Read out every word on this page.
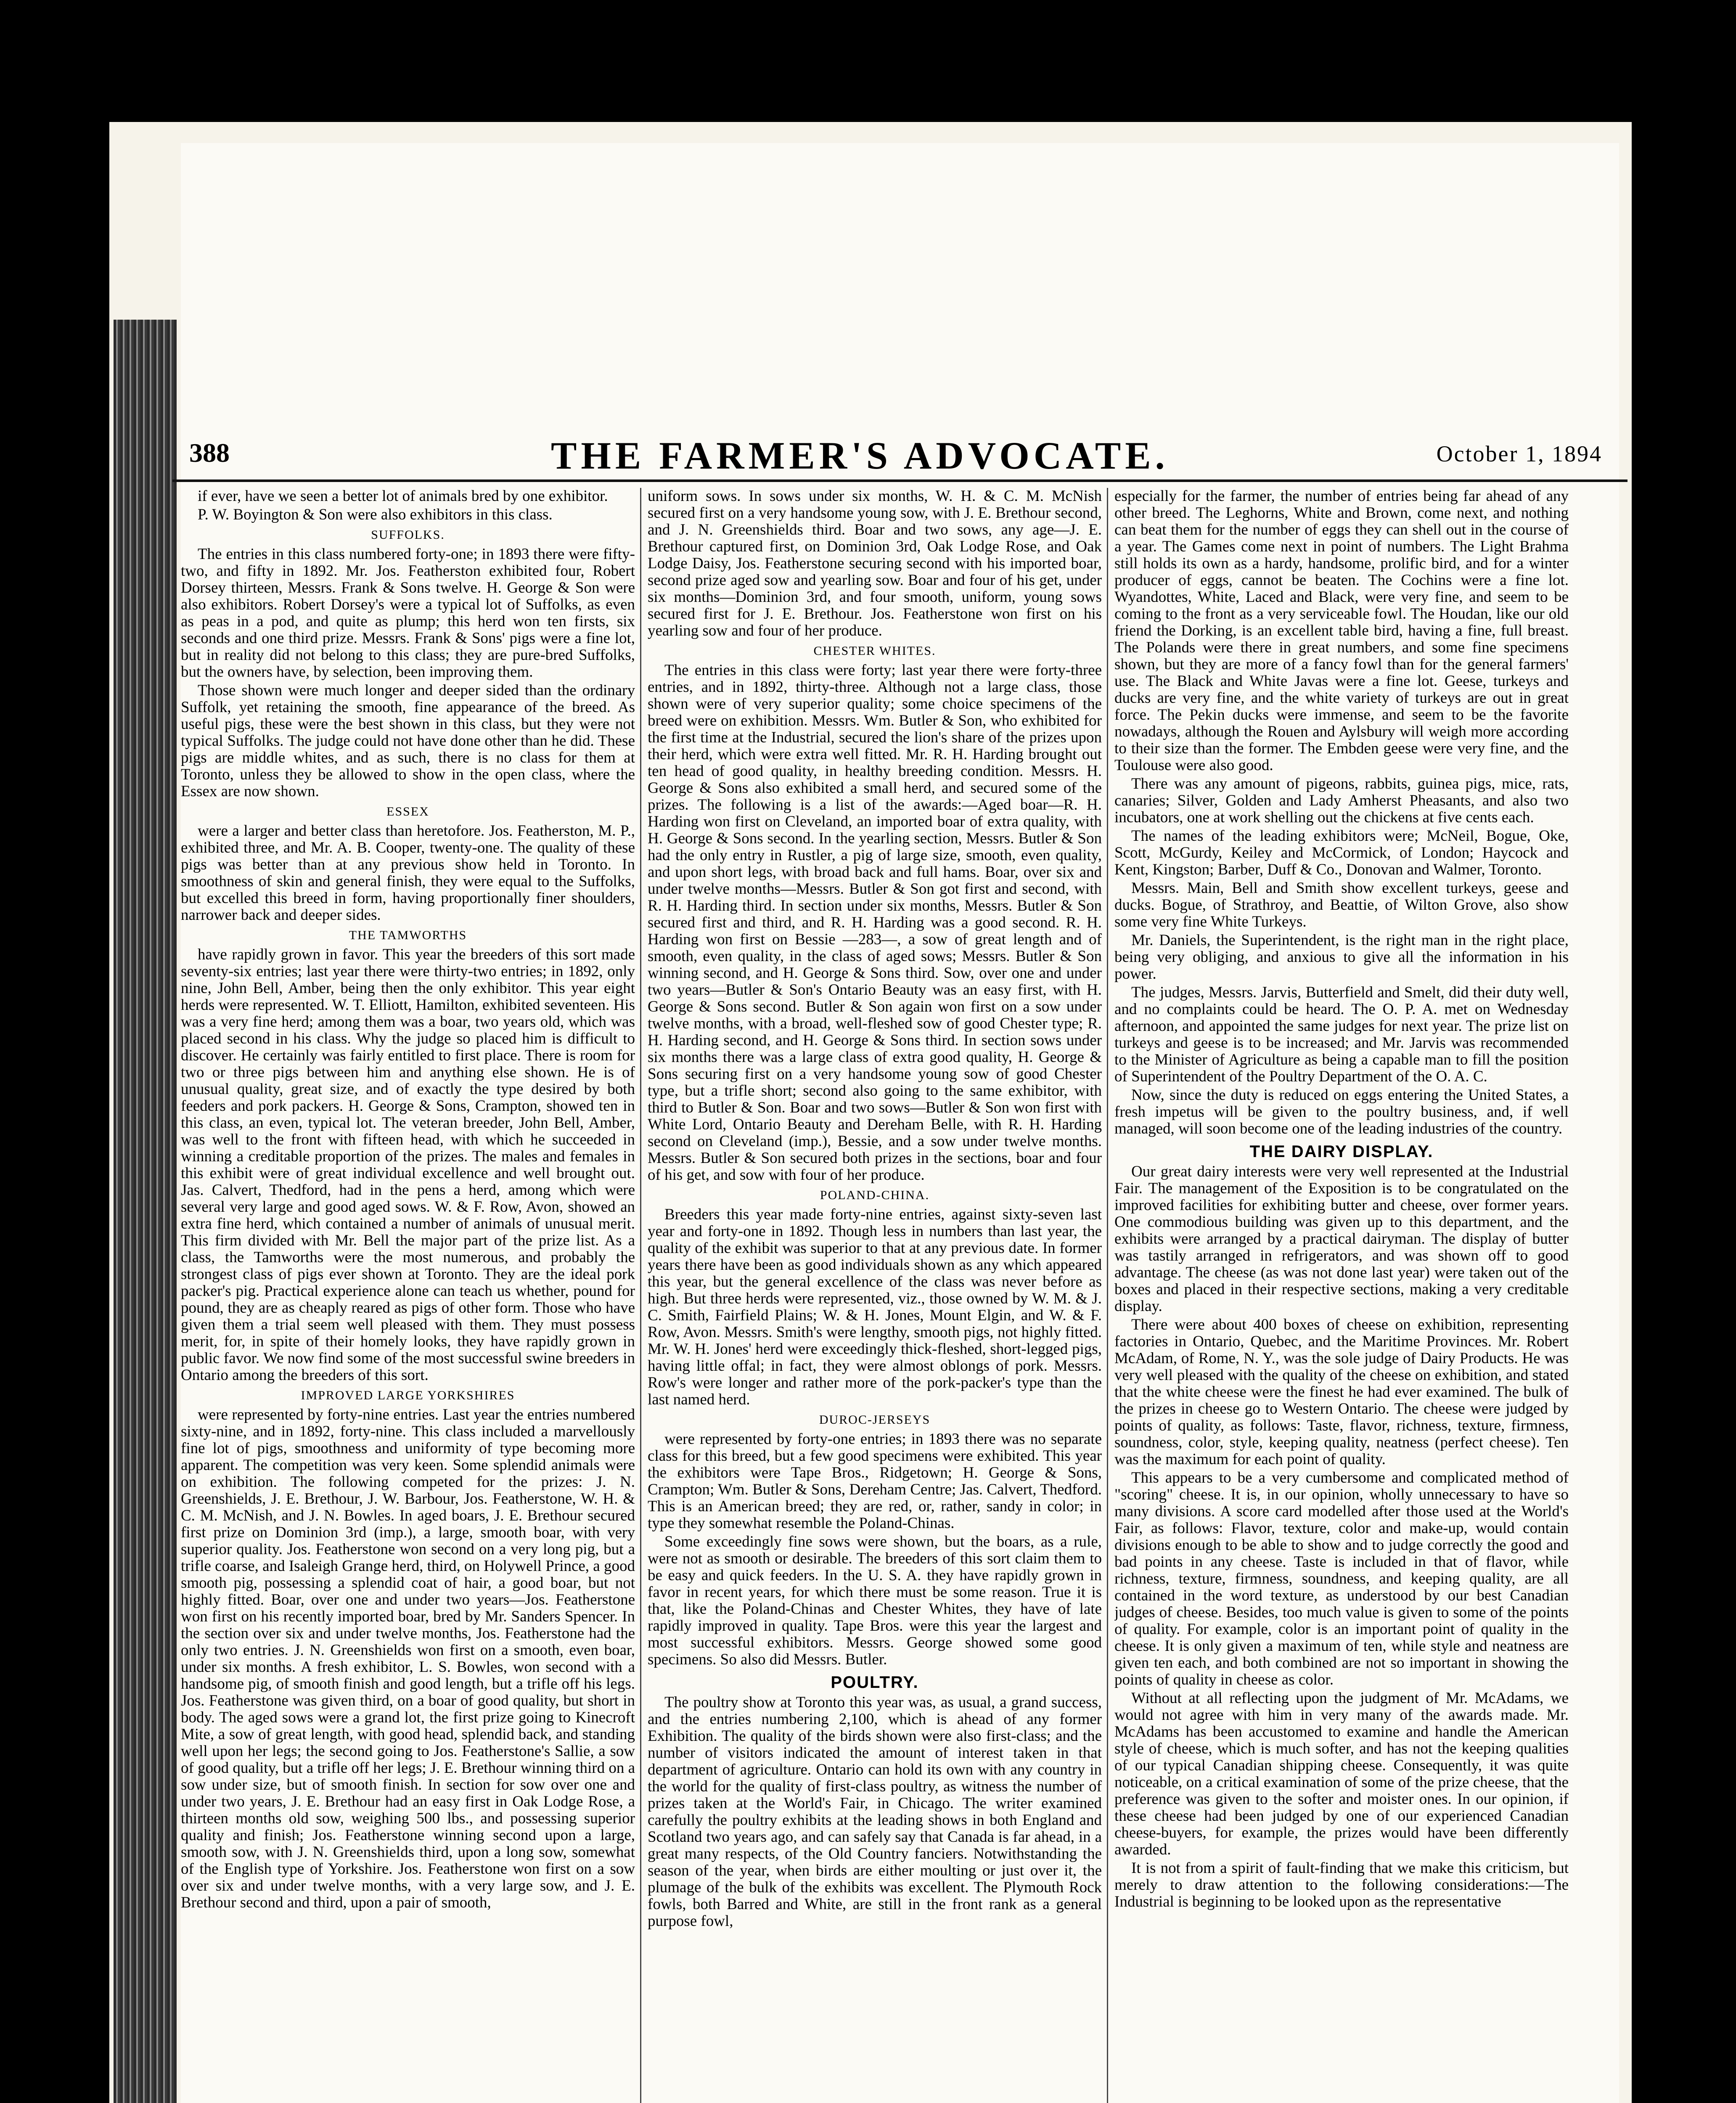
388	THE FARMER'S ADVOCATE.	October 1, 1894

if ever, have we seen a better lot of animals bred by one exhibitor.

P. W. Boyington & Son were also exhibitors in this class.

SUFFOLKS.

The entries in this class numbered forty-one; in 1893 there were fifty-two, and fifty in 1892. Mr. Jos. Featherston exhibited four, Robert Dorsey thirteen, Messrs. Frank & Sons twelve. H. George & Son were also exhibitors. Robert Dorsey's were a typical lot of Suffolks, as even as peas in a pod, and quite as plump; this herd won ten firsts, six seconds and one third prize. Messrs. Frank & Sons' pigs were a fine lot, but in reality did not belong to this class; they are pure-bred Suffolks, but the owners have, by selection, been improving them.

Those shown were much longer and deeper sided than the ordinary Suffolk, yet retaining the smooth, fine appearance of the breed. As useful pigs, these were the best shown in this class, but they were not typical Suffolks. The judge could not have done other than he did. These pigs are middle whites, and as such, there is no class for them at Toronto, unless they be allowed to show in the open class, where the Essex are now shown.

ESSEX

were a larger and better class than heretofore. Jos. Featherston, M. P., exhibited three, and Mr. A. B. Cooper, twenty-one. The quality of these pigs was better than at any previous show held in Toronto. In smoothness of skin and general finish, they were equal to the Suffolks, but excelled this breed in form, having proportionally finer shoulders, narrower back and deeper sides.

THE TAMWORTHS

have rapidly grown in favor. This year the breeders of this sort made seventy-six entries; last year there were thirty-two entries; in 1892, only nine, John Bell, Amber, being then the only exhibitor. This year eight herds were represented. W. T. Elliott, Hamilton, exhibited seventeen. His was a very fine herd; among them was a boar, two years old, which was placed second in his class. Why the judge so placed him is difficult to discover. He certainly was fairly entitled to first place. There is room for two or three pigs between him and anything else shown. He is of unusual quality, great size, and of exactly the type desired by both feeders and pork packers. H. George & Sons, Crampton, showed ten in this class, an even, typical lot. The veteran breeder, John Bell, Amber, was well to the front with fifteen head, with which he succeeded in winning a creditable proportion of the prizes. The males and females in this exhibit were of great individual excellence and well brought out. Jas. Calvert, Thedford, had in the pens a herd, among which were several very large and good aged sows. W. & F. Row, Avon, showed an extra fine herd, which contained a number of animals of unusual merit. This firm divided with Mr. Bell the major part of the prize list. As a class, the Tamworths were the most numerous, and probably the strongest class of pigs ever shown at Toronto. They are the ideal pork packer's pig. Practical experience alone can teach us whether, pound for pound, they are as cheaply reared as pigs of other form. Those who have given them a trial seem well pleased with them. They must possess merit, for, in spite of their homely looks, they have rapidly grown in public favor. We now find some of the most successful swine breeders in Ontario among the breeders of this sort.

IMPROVED LARGE YORKSHIRES

were represented by forty-nine entries. Last year the entries numbered sixty-nine, and in 1892, forty-nine. This class included a marvellously fine lot of pigs, smoothness and uniformity of type becoming more apparent. The competition was very keen. Some splendid animals were on exhibition. The following competed for the prizes: J. N. Greenshields, J. E. Brethour, J. W. Barbour, Jos. Featherstone, W. H. & C. M. McNish, and J. N. Bowles. In aged boars, J. E. Brethour secured first prize on Dominion 3rd (imp.), a large, smooth boar, with very superior quality. Jos. Featherstone won second on a very long pig, but a trifle coarse, and Isaleigh Grange herd, third, on Holywell Prince, a good smooth pig, possessing a splendid coat of hair, a good boar, but not highly fitted. Boar, over one and under two years—Jos. Featherstone won first on his recently imported boar, bred by Mr. Sanders Spencer. In the section over six and under twelve months, Jos. Featherstone had the only two entries. J. N. Greenshields won first on a smooth, even boar, under six months. A fresh exhibitor, L. S. Bowles, won second with a handsome pig, of smooth finish and good length, but a trifle off his legs. Jos. Featherstone was given third, on a boar of good quality, but short in body. The aged sows were a grand lot, the first prize going to Kinecroft Mite, a sow of great length, with good head, splendid back, and standing well upon her legs; the second going to Jos. Featherstone's Sallie, a sow of good quality, but a trifle off her legs; J. E. Brethour winning third on a sow under size, but of smooth finish. In section for sow over one and under two years, J. E. Brethour had an easy first in Oak Lodge Rose, a thirteen months old sow, weighing 500 lbs., and possessing superior quality and finish; Jos. Featherstone winning second upon a large, smooth sow, with J. N. Greenshields third, upon a long sow, somewhat of the English type of Yorkshire. Jos. Featherstone won first on a sow over six and under twelve months, with a very large sow, and J. E. Brethour second and third, upon a pair of smooth,

uniform sows. In sows under six months, W. H. & C. M. McNish secured first on a very handsome young sow, with J. E. Brethour second, and J. N. Greenshields third. Boar and two sows, any age—J. E. Brethour captured first, on Dominion 3rd, Oak Lodge Rose, and Oak Lodge Daisy, Jos. Featherstone securing second with his imported boar, second prize aged sow and yearling sow. Boar and four of his get, under six months—Dominion 3rd, and four smooth, uniform, young sows secured first for J. E. Brethour. Jos. Featherstone won first on his yearling sow and four of her produce.

CHESTER WHITES.

The entries in this class were forty; last year there were forty-three entries, and in 1892, thirty-three. Although not a large class, those shown were of very superior quality; some choice specimens of the breed were on exhibition. Messrs. Wm. Butler & Son, who exhibited for the first time at the Industrial, secured the lion's share of the prizes upon their herd, which were extra well fitted. Mr. R. H. Harding brought out ten head of good quality, in healthy breeding condition. Messrs. H. George & Sons also exhibited a small herd, and secured some of the prizes. The following is a list of the awards:—Aged boar—R. H. Harding won first on Cleveland, an imported boar of extra quality, with H. George & Sons second. In the yearling section, Messrs. Butler & Son had the only entry in Rustler, a pig of large size, smooth, even quality, and upon short legs, with broad back and full hams. Boar, over six and under twelve months—Messrs. Butler & Son got first and second, with R. H. Harding third. In section under six months, Messrs. Butler & Son secured first and third, and R. H. Harding was a good second. R. H. Harding won first on Bessie —283—, a sow of great length and of smooth, even quality, in the class of aged sows; Messrs. Butler & Son winning second, and H. George & Sons third. Sow, over one and under two years—Butler & Son's Ontario Beauty was an easy first, with H. George & Sons second. Butler & Son again won first on a sow under twelve months, with a broad, well-fleshed sow of good Chester type; R. H. Harding second, and H. George & Sons third. In section sows under six months there was a large class of extra good quality, H. George & Sons securing first on a very handsome young sow of good Chester type, but a trifle short; second also going to the same exhibitor, with third to Butler & Son. Boar and two sows—Butler & Son won first with White Lord, Ontario Beauty and Dereham Belle, with R. H. Harding second on Cleveland (imp.), Bessie, and a sow under twelve months. Messrs. Butler & Son secured both prizes in the sections, boar and four of his get, and sow with four of her produce.

POLAND-CHINA.

Breeders this year made forty-nine entries, against sixty-seven last year and forty-one in 1892. Though less in numbers than last year, the quality of the exhibit was superior to that at any previous date. In former years there have been as good individuals shown as any which appeared this year, but the general excellence of the class was never before as high. But three herds were represented, viz., those owned by W. M. & J. C. Smith, Fairfield Plains; W. & H. Jones, Mount Elgin, and W. & F. Row, Avon. Messrs. Smith's were lengthy, smooth pigs, not highly fitted. Mr. W. H. Jones' herd were exceedingly thick-fleshed, short-legged pigs, having little offal; in fact, they were almost oblongs of pork. Messrs. Row's were longer and rather more of the pork-packer's type than the last named herd.

DUROC-JERSEYS

were represented by forty-one entries; in 1893 there was no separate class for this breed, but a few good specimens were exhibited. This year the exhibitors were Tape Bros., Ridgetown; H. George & Sons, Crampton; Wm. Butler & Sons, Dereham Centre; Jas. Calvert, Thedford. This is an American breed; they are red, or, rather, sandy in color; in type they somewhat resemble the Poland-Chinas.

Some exceedingly fine sows were shown, but the boars, as a rule, were not as smooth or desirable. The breeders of this sort claim them to be easy and quick feeders. In the U. S. A. they have rapidly grown in favor in recent years, for which there must be some reason. True it is that, like the Poland-Chinas and Chester Whites, they have of late rapidly improved in quality. Tape Bros. were this year the largest and most successful exhibitors. Messrs. George showed some good specimens. So also did Messrs. Butler.

POULTRY.

The poultry show at Toronto this year was, as usual, a grand success, and the entries numbering 2,100, which is ahead of any former Exhibition. The quality of the birds shown were also first-class; and the number of visitors indicated the amount of interest taken in that department of agriculture. Ontario can hold its own with any country in the world for the quality of first-class poultry, as witness the number of prizes taken at the World's Fair, in Chicago. The writer examined carefully the poultry exhibits at the leading shows in both England and Scotland two years ago, and can safely say that Canada is far ahead, in a great many respects, of the Old Country fanciers. Notwithstanding the season of the year, when birds are either moulting or just over it, the plumage of the bulk of the exhibits was excellent. The Plymouth Rock fowls, both Barred and White, are still in the front rank as a general purpose fowl,

especially for the farmer, the number of entries being far ahead of any other breed. The Leghorns, White and Brown, come next, and nothing can beat them for the number of eggs they can shell out in the course of a year. The Games come next in point of numbers. The Light Brahma still holds its own as a hardy, handsome, prolific bird, and for a winter producer of eggs, cannot be beaten. The Cochins were a fine lot. Wyandottes, White, Laced and Black, were very fine, and seem to be coming to the front as a very serviceable fowl. The Houdan, like our old friend the Dorking, is an excellent table bird, having a fine, full breast. The Polands were there in great numbers, and some fine specimens shown, but they are more of a fancy fowl than for the general farmers' use. The Black and White Javas were a fine lot. Geese, turkeys and ducks are very fine, and the white variety of turkeys are out in great force. The Pekin ducks were immense, and seem to be the favorite nowadays, although the Rouen and Aylsbury will weigh more according to their size than the former. The Embden geese were very fine, and the Toulouse were also good.

There was any amount of pigeons, rabbits, guinea pigs, mice, rats, canaries; Silver, Golden and Lady Amherst Pheasants, and also two incubators, one at work shelling out the chickens at five cents each.

The names of the leading exhibitors were; McNeil, Bogue, Oke, Scott, McGurdy, Keiley and McCormick, of London; Haycock and Kent, Kingston; Barber, Duff & Co., Donovan and Walmer, Toronto.

Messrs. Main, Bell and Smith show excellent turkeys, geese and ducks. Bogue, of Strathroy, and Beattie, of Wilton Grove, also show some very fine White Turkeys.

Mr. Daniels, the Superintendent, is the right man in the right place, being very obliging, and anxious to give all the information in his power.

The judges, Messrs. Jarvis, Butterfield and Smelt, did their duty well, and no complaints could be heard. The O. P. A. met on Wednesday afternoon, and appointed the same judges for next year. The prize list on turkeys and geese is to be increased; and Mr. Jarvis was recommended to the Minister of Agriculture as being a capable man to fill the position of Superintendent of the Poultry Department of the O. A. C.

Now, since the duty is reduced on eggs entering the United States, a fresh impetus will be given to the poultry business, and, if well managed, will soon become one of the leading industries of the country.

THE DAIRY DISPLAY.

Our great dairy interests were very well represented at the Industrial Fair. The management of the Exposition is to be congratulated on the improved facilities for exhibiting butter and cheese, over former years. One commodious building was given up to this department, and the exhibits were arranged by a practical dairyman. The display of butter was tastily arranged in refrigerators, and was shown off to good advantage. The cheese (as was not done last year) were taken out of the boxes and placed in their respective sections, making a very creditable display.

There were about 400 boxes of cheese on exhibition, representing factories in Ontario, Quebec, and the Maritime Provinces. Mr. Robert McAdam, of Rome, N. Y., was the sole judge of Dairy Products. He was very well pleased with the quality of the cheese on exhibition, and stated that the white cheese were the finest he had ever examined. The bulk of the prizes in cheese go to Western Ontario. The cheese were judged by points of quality, as follows: Taste, flavor, richness, texture, firmness, soundness, color, style, keeping quality, neatness (perfect cheese). Ten was the maximum for each point of quality.

This appears to be a very cumbersome and complicated method of "scoring" cheese. It is, in our opinion, wholly unnecessary to have so many divisions. A score card modelled after those used at the World's Fair, as follows: Flavor, texture, color and make-up, would contain divisions enough to be able to show and to judge correctly the good and bad points in any cheese. Taste is included in that of flavor, while richness, texture, firmness, soundness, and keeping quality, are all contained in the word texture, as understood by our best Canadian judges of cheese. Besides, too much value is given to some of the points of quality. For example, color is an important point of quality in the cheese. It is only given a maximum of ten, while style and neatness are given ten each, and both combined are not so important in showing the points of quality in cheese as color.

Without at all reflecting upon the judgment of Mr. McAdams, we would not agree with him in very many of the awards made. Mr. McAdams has been accustomed to examine and handle the American style of cheese, which is much softer, and has not the keeping qualities of our typical Canadian shipping cheese. Consequently, it was quite noticeable, on a critical examination of some of the prize cheese, that the preference was given to the softer and moister ones. In our opinion, if these cheese had been judged by one of our experienced Canadian cheese-buyers, for example, the prizes would have been differently awarded.

It is not from a spirit of fault-finding that we make this criticism, but merely to draw attention to the following considerations:—The Industrial is beginning to be looked upon as the representative
